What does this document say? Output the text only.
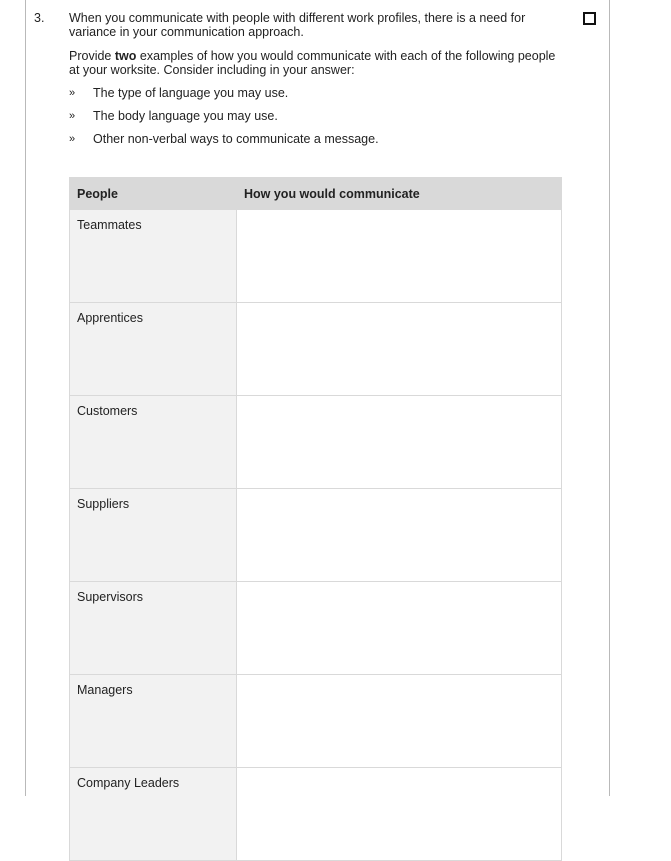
3. When you communicate with people with different work profiles, there is a need for variance in your communication approach.

Provide two examples of how you would communicate with each of the following people at your worksite. Consider including in your answer:
» The type of language you may use.
» The body language you may use.
» Other non-verbal ways to communicate a message.
People	How you would communicate
Teammates	
Apprentices	
Customers	
Suppliers	
Supervisors	
Managers	
Company Leaders	
